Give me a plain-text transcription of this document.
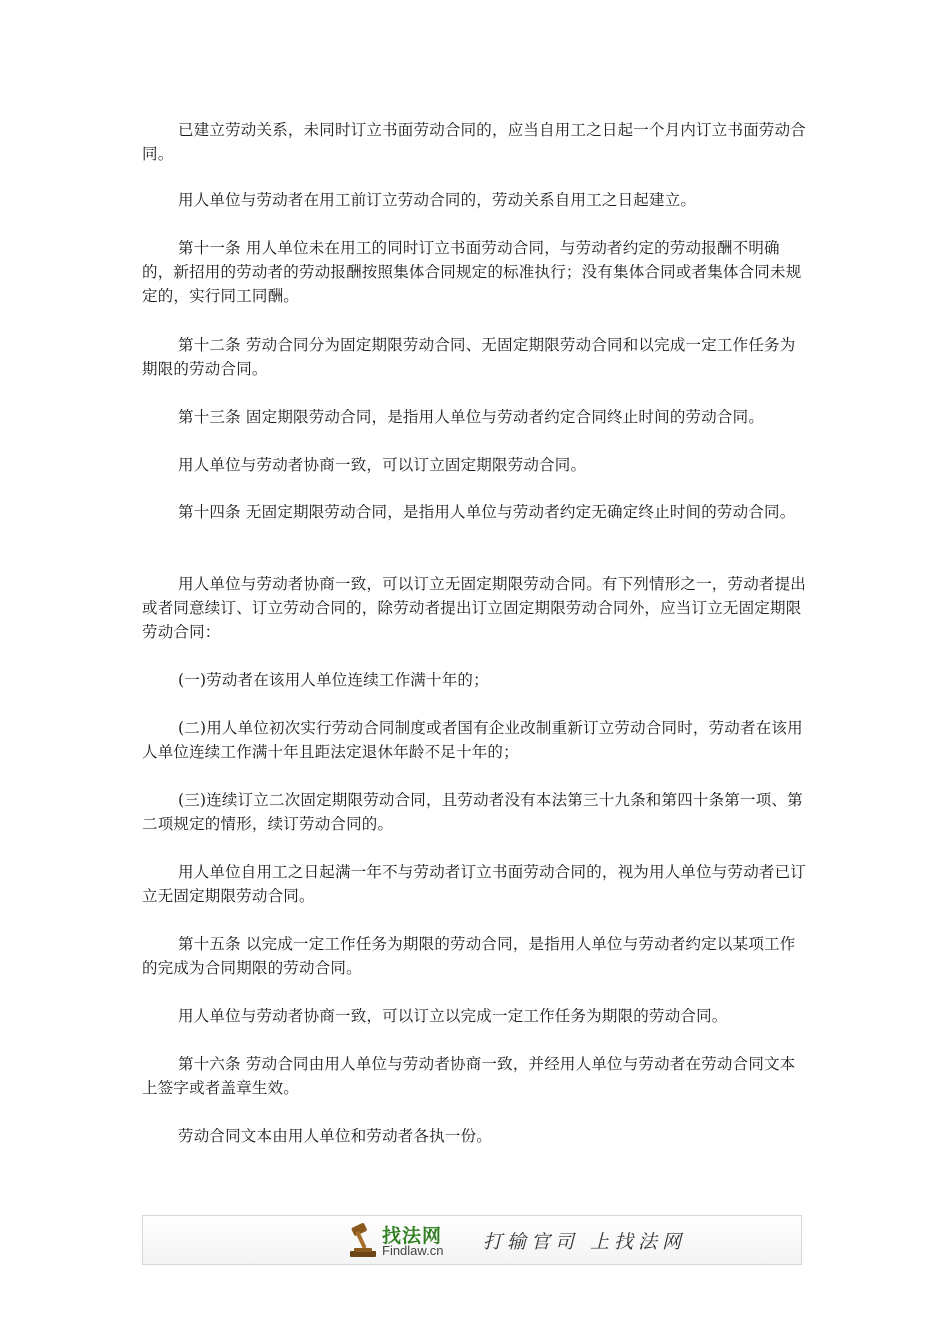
已建立劳动关系，未同时订立书面劳动合同的，应当自用工之日起一个月内订立书面劳动合同。

用人单位与劳动者在用工前订立劳动合同的，劳动关系自用工之日起建立。

第十一条 用人单位未在用工的同时订立书面劳动合同，与劳动者约定的劳动报酬不明确的，新招用的劳动者的劳动报酬按照集体合同规定的标准执行；没有集体合同或者集体合同未规定的，实行同工同酬。

第十二条 劳动合同分为固定期限劳动合同、无固定期限劳动合同和以完成一定工作任务为期限的劳动合同。

第十三条 固定期限劳动合同，是指用人单位与劳动者约定合同终止时间的劳动合同。

用人单位与劳动者协商一致，可以订立固定期限劳动合同。

第十四条 无固定期限劳动合同，是指用人单位与劳动者约定无确定终止时间的劳动合同。

用人单位与劳动者协商一致，可以订立无固定期限劳动合同。有下列情形之一，劳动者提出或者同意续订、订立劳动合同的，除劳动者提出订立固定期限劳动合同外，应当订立无固定期限劳动合同：

(一)劳动者在该用人单位连续工作满十年的；

(二)用人单位初次实行劳动合同制度或者国有企业改制重新订立劳动合同时，劳动者在该用人单位连续工作满十年且距法定退休年龄不足十年的；

(三)连续订立二次固定期限劳动合同，且劳动者没有本法第三十九条和第四十条第一项、第二项规定的情形，续订劳动合同的。

用人单位自用工之日起满一年不与劳动者订立书面劳动合同的，视为用人单位与劳动者已订立无固定期限劳动合同。

第十五条 以完成一定工作任务为期限的劳动合同，是指用人单位与劳动者约定以某项工作的完成为合同期限的劳动合同。

用人单位与劳动者协商一致，可以订立以完成一定工作任务为期限的劳动合同。

第十六条 劳动合同由用人单位与劳动者协商一致，并经用人单位与劳动者在劳动合同文本上签字或者盖章生效。

劳动合同文本由用人单位和劳动者各执一份。

找法网
Findlaw.cn 打输官司 上找法网
